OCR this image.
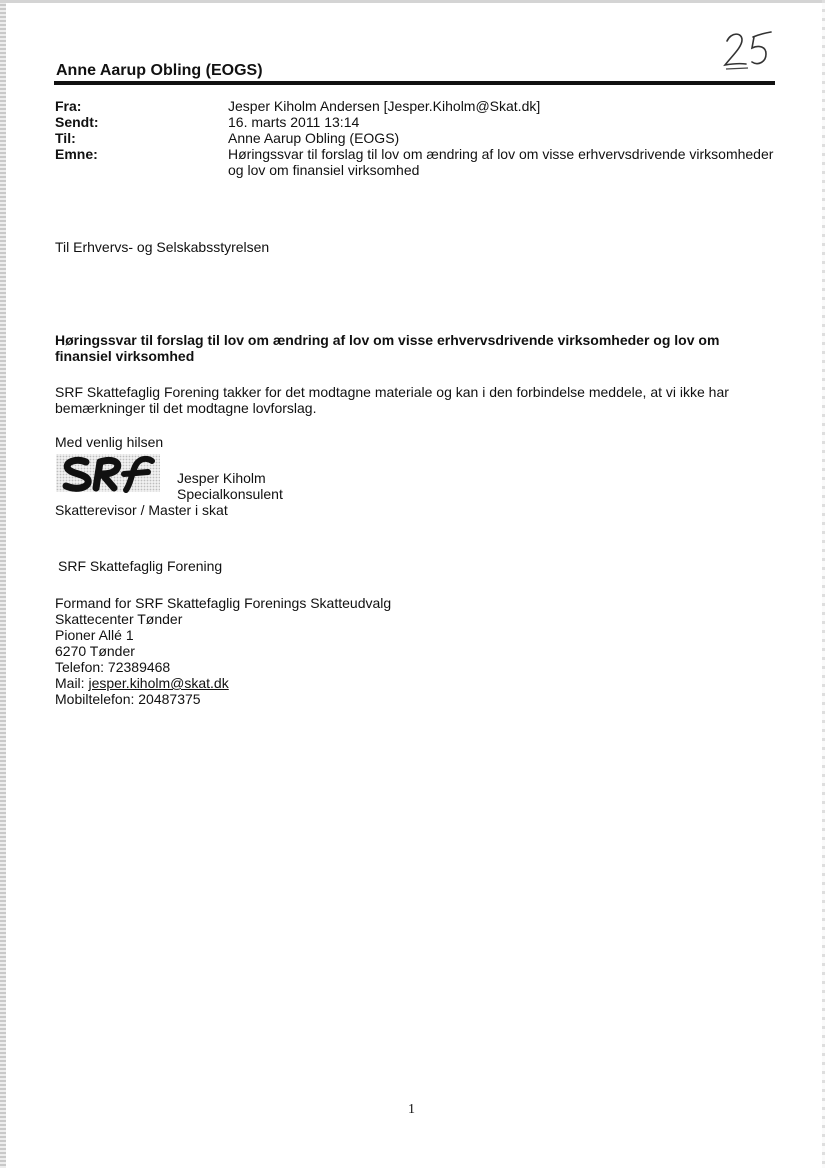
Anne Aarup Obling (EOGS)
Fra:	Jesper Kiholm Andersen [Jesper.Kiholm@Skat.dk]
Sendt:	16. marts 2011 13:14
Til:	Anne Aarup Obling (EOGS)
Emne:	Høringssvar til forslag til lov om ændring af lov om visse erhvervsdrivende virksomheder og lov om finansiel virksomhed
Til Erhvervs- og Selskabsstyrelsen
Høringssvar til forslag til lov om ændring af lov om visse erhvervsdrivende virksomheder og lov om finansiel virksomhed
SRF Skattefaglig Forening takker for det modtagne materiale og kan i den forbindelse meddele, at vi ikke har bemærkninger til det modtagne lovforslag.
Med venlig hilsen
Jesper Kiholm
Specialkonsulent
Skatterevisor / Master i skat
SRF Skattefaglig Forening
Formand for SRF Skattefaglig Forenings Skatteudvalg
Skattecenter Tønder
Pioner Allé 1
6270 Tønder
Telefon: 72389468
Mail: jesper.kiholm@skat.dk
Mobiltelefon: 20487375
1
